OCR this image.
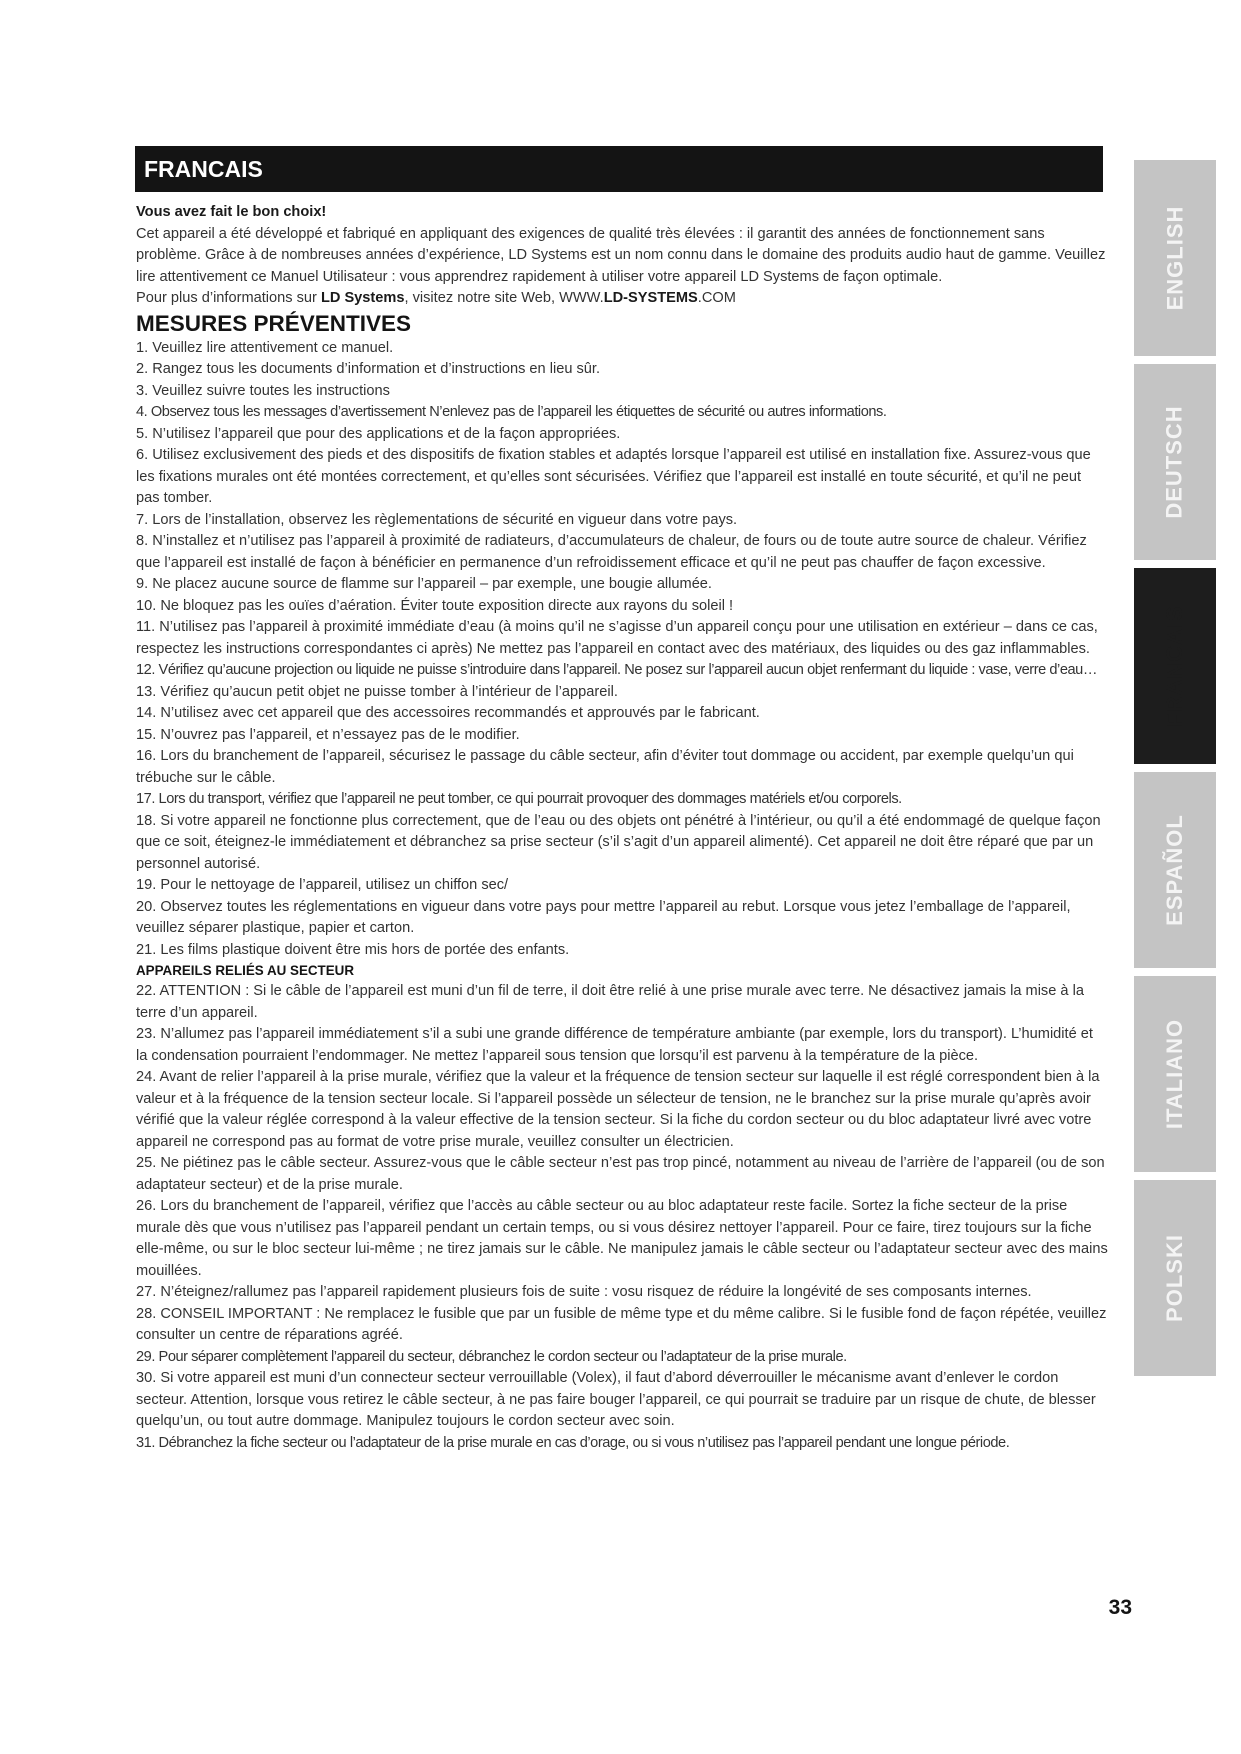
FRANCAIS

Vous avez fait le bon choix!

Cet appareil a été développé et fabriqué en appliquant des exigences de qualité très élevées : il garantit des années de fonctionnement sans problème. Grâce à de nombreuses années d’expérience, LD Systems est un nom connu dans le domaine des produits audio haut de gamme. Veuillez lire attentivement ce Manuel Utilisateur : vous apprendrez rapidement à utiliser votre appareil LD Systems de façon optimale.

Pour plus d’informations sur LD Systems, visitez notre site Web, WWW.LD-SYSTEMS.COM

MESURES PRÉVENTIVES

1. Veuillez lire attentivement ce manuel.

2. Rangez tous les documents d’information et d’instructions en lieu sûr.

3. Veuillez suivre toutes les instructions

4. Observez tous les messages d’avertissement N’enlevez pas de l’appareil les étiquettes de sécurité ou autres informations.

5. N’utilisez l’appareil que pour des applications et de la façon appropriées.

6. Utilisez exclusivement des pieds et des dispositifs de fixation stables et adaptés lorsque l’appareil est utilisé en installation fixe. Assurez-vous que les fixations murales ont été montées correctement, et qu’elles sont sécurisées. Vérifiez que l’appareil est installé en toute sécurité, et qu’il ne peut pas tomber.

7. Lors de l’installation, observez les règlementations de sécurité en vigueur dans votre pays.

8. N’installez et n’utilisez pas l’appareil à proximité de radiateurs, d’accumulateurs de chaleur, de fours ou de toute autre source de chaleur. Vérifiez que l’appareil est installé de façon à bénéficier en permanence d’un refroidissement efficace et qu’il ne peut pas chauffer de façon excessive.

9. Ne placez aucune source de flamme sur l’appareil – par exemple, une bougie allumée.

10. Ne bloquez pas les ouïes d’aération. Éviter toute exposition directe aux rayons du soleil !

11. N’utilisez pas l’appareil à proximité immédiate d’eau (à moins qu’il ne s’agisse d’un appareil conçu pour une utilisation en extérieur – dans ce cas, respectez les instructions correspondantes ci après) Ne mettez pas l’appareil en contact avec des matériaux, des liquides ou des gaz inflammables.

12. Vérifiez qu’aucune projection ou liquide ne puisse s’introduire dans l’appareil. Ne posez sur l’appareil aucun objet renfermant du liquide : vase, verre d’eau…

13. Vérifiez qu’aucun petit objet ne puisse tomber à l’intérieur de l’appareil.

14. N’utilisez avec cet appareil que des accessoires recommandés et approuvés par le fabricant.

15. N’ouvrez pas l’appareil, et n’essayez pas de le modifier.

16. Lors du branchement de l’appareil, sécurisez le passage du câble secteur, afin d’éviter tout dommage ou accident, par exemple quelqu’un qui trébuche sur le câble.

17. Lors du transport, vérifiez que l’appareil ne peut tomber, ce qui pourrait provoquer des dommages matériels et/ou corporels.

18. Si votre appareil ne fonctionne plus correctement, que de l’eau ou des objets ont pénétré à l’intérieur, ou qu’il a été endommagé de quelque façon que ce soit, éteignez-le immédiatement et débranchez sa prise secteur (s’il s’agit d’un appareil alimenté). Cet appareil ne doit être réparé que par un personnel autorisé.

19. Pour le nettoyage de l’appareil, utilisez un chiffon sec/

20. Observez toutes les réglementations en vigueur dans votre pays pour mettre l’appareil au rebut. Lorsque vous jetez l’emballage de l’appareil, veuillez séparer plastique, papier et carton.

21. Les films plastique doivent être mis hors de portée des enfants.

APPAREILS RELIÉS AU SECTEUR

22. ATTENTION : Si le câble de l’appareil est muni d’un fil de terre, il doit être relié à une prise murale avec terre. Ne désactivez jamais la mise à la terre d’un appareil.

23. N’allumez pas l’appareil immédiatement s’il a subi une grande différence de température ambiante (par exemple, lors du transport). L’humidité et la condensation pourraient l’endommager. Ne mettez l’appareil sous tension que lorsqu’il est parvenu à la température de la pièce.

24. Avant de relier l’appareil à la prise murale, vérifiez que la valeur et la fréquence de tension secteur sur laquelle il est réglé correspondent bien à la valeur et à la fréquence de la tension secteur locale. Si l’appareil possède un sélecteur de tension, ne le branchez sur la prise murale qu’après avoir vérifié que la valeur réglée correspond à la valeur effective de la tension secteur. Si la fiche du cordon secteur ou du bloc adaptateur livré avec votre appareil ne correspond pas au format de votre prise murale, veuillez consulter un électricien.

25. Ne piétinez pas le câble secteur. Assurez-vous que le câble secteur n’est pas trop pincé, notamment au niveau de l’arrière de l’appareil (ou de son adaptateur secteur) et de la prise murale.

26. Lors du branchement de l’appareil, vérifiez que l’accès au câble secteur ou au bloc adaptateur reste facile. Sortez la fiche secteur de la prise murale dès que vous n’utilisez pas l’appareil pendant un certain temps, ou si vous désirez nettoyer l’appareil. Pour ce faire, tirez toujours sur la fiche elle-même, ou sur le bloc secteur lui-même ; ne tirez jamais sur le câble. Ne manipulez jamais le câble secteur ou l’adaptateur secteur avec des mains mouillées.

27. N’éteignez/rallumez pas l’appareil rapidement plusieurs fois de suite : vosu risquez de réduire la longévité de ses composants internes.

28. CONSEIL IMPORTANT : Ne remplacez le fusible que par un fusible de même type et du même calibre. Si le fusible fond de façon répétée, veuillez consulter un centre de réparations agréé.

29. Pour séparer complètement l’appareil du secteur, débranchez le cordon secteur ou l’adaptateur de la prise murale.

30. Si votre appareil est muni d’un connecteur secteur verrouillable (Volex), il faut d’abord déverrouiller le mécanisme avant d’enlever le cordon secteur. Attention, lorsque vous retirez le câble secteur, à ne pas faire bouger l’appareil, ce qui pourrait se traduire par un risque de chute, de blesser quelqu’un, ou tout autre dommage. Manipulez toujours le cordon secteur avec soin.

31. Débranchez la fiche secteur ou l’adaptateur de la prise murale en cas d’orage, ou si vous n’utilisez pas l’appareil pendant une longue période.

ENGLISH
DEUTSCH
FRANCAIS
ESPAÑOL
ITALIANO
POLSKI
33
